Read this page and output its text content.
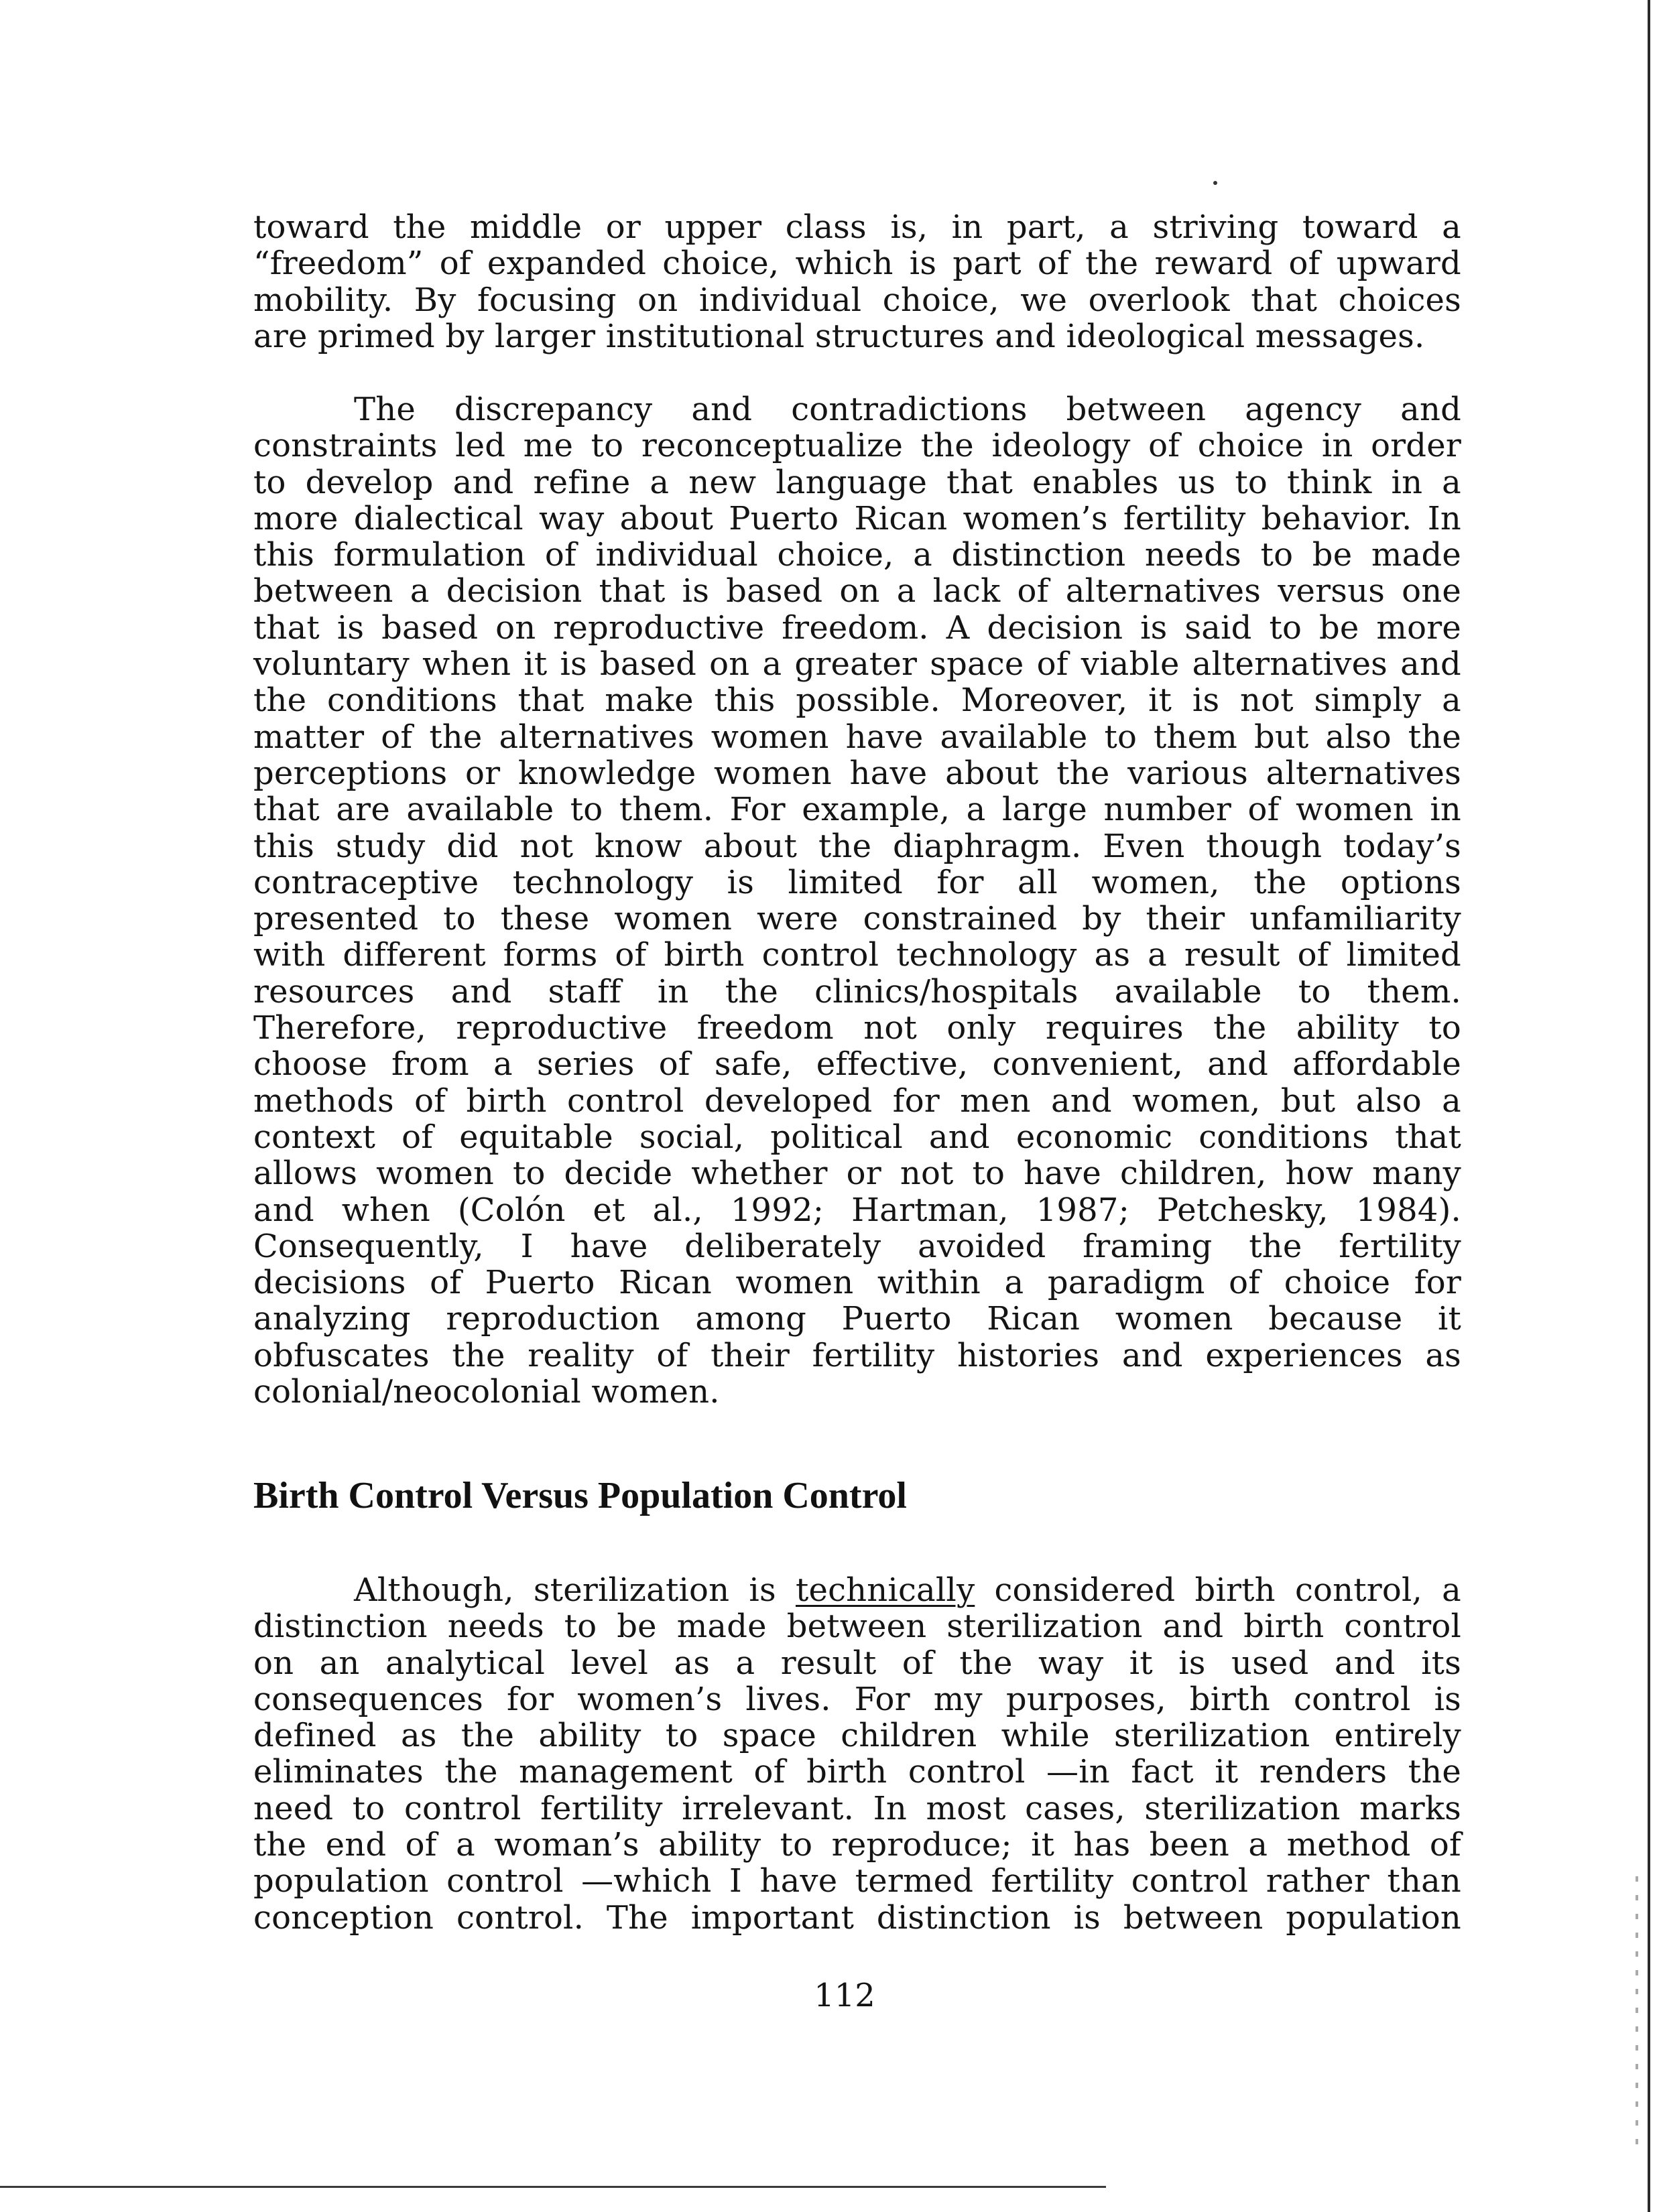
toward the middle or upper class is, in part, a striving toward a
“freedom” of expanded choice, which is part of the reward of upward
mobility. By focusing on individual choice, we overlook that choices
are primed by larger institutional structures and ideological messages.
The discrepancy and contradictions between agency and
constraints led me to reconceptualize the ideology of choice in order
to develop and refine a new language that enables us to think in a
more dialectical way about Puerto Rican women’s fertility behavior. In
this formulation of individual choice, a distinction needs to be made
between a decision that is based on a lack of alternatives versus one
that is based on reproductive freedom. A decision is said to be more
voluntary when it is based on a greater space of viable alternatives and
the conditions that make this possible. Moreover, it is not simply a
matter of the alternatives women have available to them but also the
perceptions or knowledge women have about the various alternatives
that are available to them. For example, a large number of women in
this study did not know about the diaphragm. Even though today’s
contraceptive technology is limited for all women, the options
presented to these women were constrained by their unfamiliarity
with different forms of birth control technology as a result of limited
resources and staff in the clinics/hospitals available to them.
Therefore, reproductive freedom not only requires the ability to
choose from a series of safe, effective, convenient, and affordable
methods of birth control developed for men and women, but also a
context of equitable social, political and economic conditions that
allows women to decide whether or not to have children, how many
and when (Colón et al., 1992; Hartman, 1987; Petchesky, 1984).
Consequently, I have deliberately avoided framing the fertility
decisions of Puerto Rican women within a paradigm of choice for
analyzing reproduction among Puerto Rican women because it
obfuscates the reality of their fertility histories and experiences as
colonial/neocolonial women.
Birth Control Versus Population Control
Although, sterilization is technically considered birth control, a
distinction needs to be made between sterilization and birth control
on an analytical level as a result of the way it is used and its
consequences for women’s lives. For my purposes, birth control is
defined as the ability to space children while sterilization entirely
eliminates the management of birth control —in fact it renders the
need to control fertility irrelevant. In most cases, sterilization marks
the end of a woman’s ability to reproduce; it has been a method of
population control —which I have termed fertility control rather than
conception control. The important distinction is between population
112
